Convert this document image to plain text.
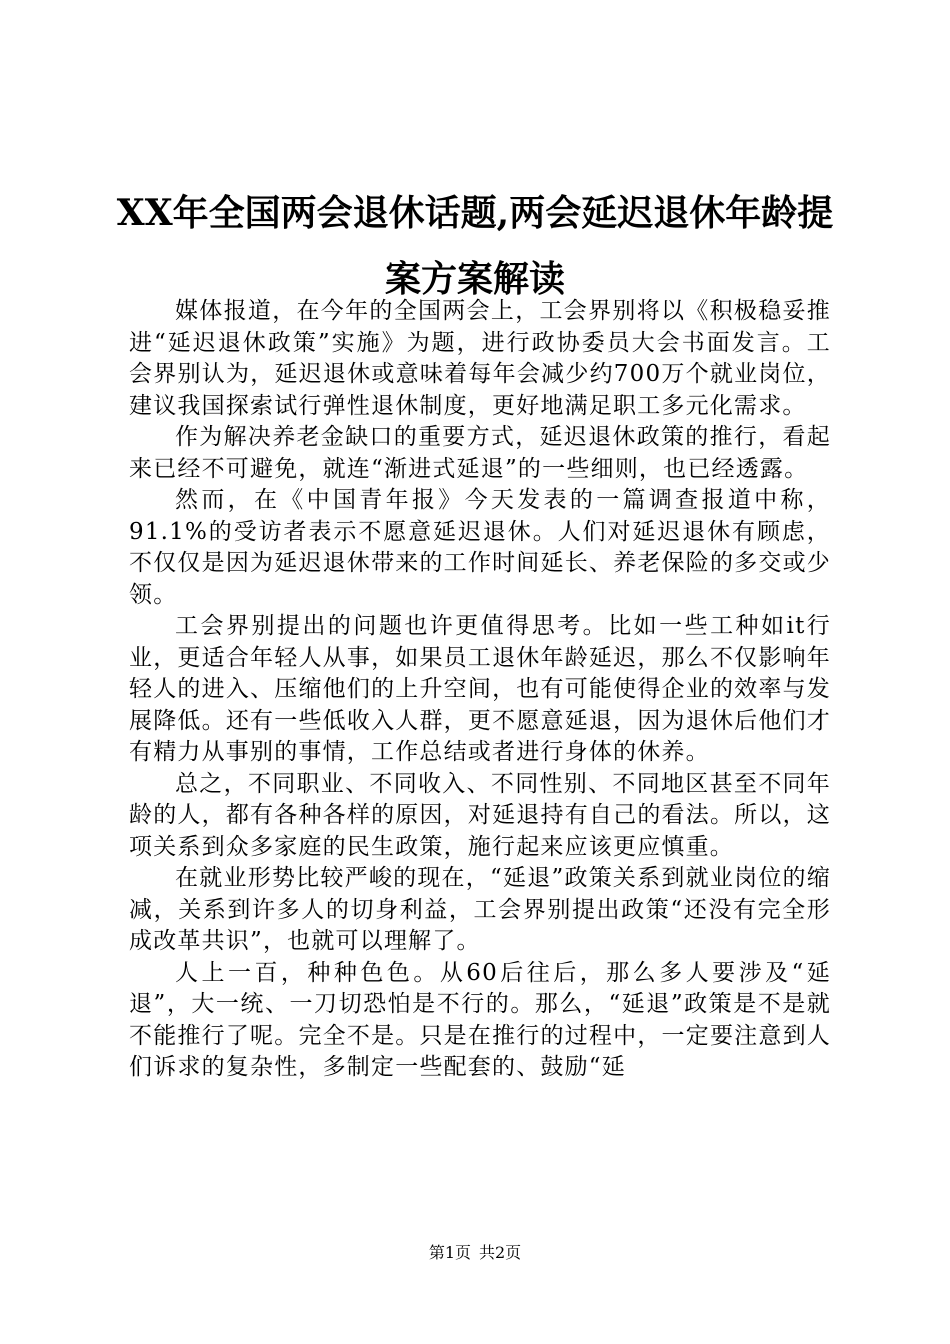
XX年全国两会退休话题,两会延迟退休年龄提案方案解读

媒体报道，在今年的全国两会上，工会界别将以《积极稳妥推进“延迟退休政策”实施》为题，进行政协委员大会书面发言。工会界别认为，延迟退休或意味着每年会减少约700万个就业岗位，建议我国探索试行弹性退休制度，更好地满足职工多元化需求。

作为解决养老金缺口的重要方式，延迟退休政策的推行，看起来已经不可避免，就连“渐进式延退”的一些细则，也已经透露。

然而，在《中国青年报》今天发表的一篇调查报道中称，91.1%的受访者表示不愿意延迟退休。人们对延迟退休有顾虑，不仅仅是因为延迟退休带来的工作时间延长、养老保险的多交或少领。

工会界别提出的问题也许更值得思考。比如一些工种如it行业，更适合年轻人从事，如果员工退休年龄延迟，那么不仅影响年轻人的进入、压缩他们的上升空间，也有可能使得企业的效率与发展降低。还有一些低收入人群，更不愿意延退，因为退休后他们才有精力从事别的事情，工作总结或者进行身体的休养。

总之，不同职业、不同收入、不同性别、不同地区甚至不同年龄的人，都有各种各样的原因，对延退持有自己的看法。所以，这项关系到众多家庭的民生政策，施行起来应该更应慎重。

在就业形势比较严峻的现在，“延退”政策关系到就业岗位的缩减，关系到许多人的切身利益，工会界别提出政策“还没有完全形成改革共识”，也就可以理解了。

人上一百，种种色色。从60后往后，那么多人要涉及“延退”，大一统、一刀切恐怕是不行的。那么，“延退”政策是不是就不能推行了呢。完全不是。只是在推行的过程中，一定要注意到人们诉求的复杂性，多制定一些配套的、鼓励“延

第1页 共2页
